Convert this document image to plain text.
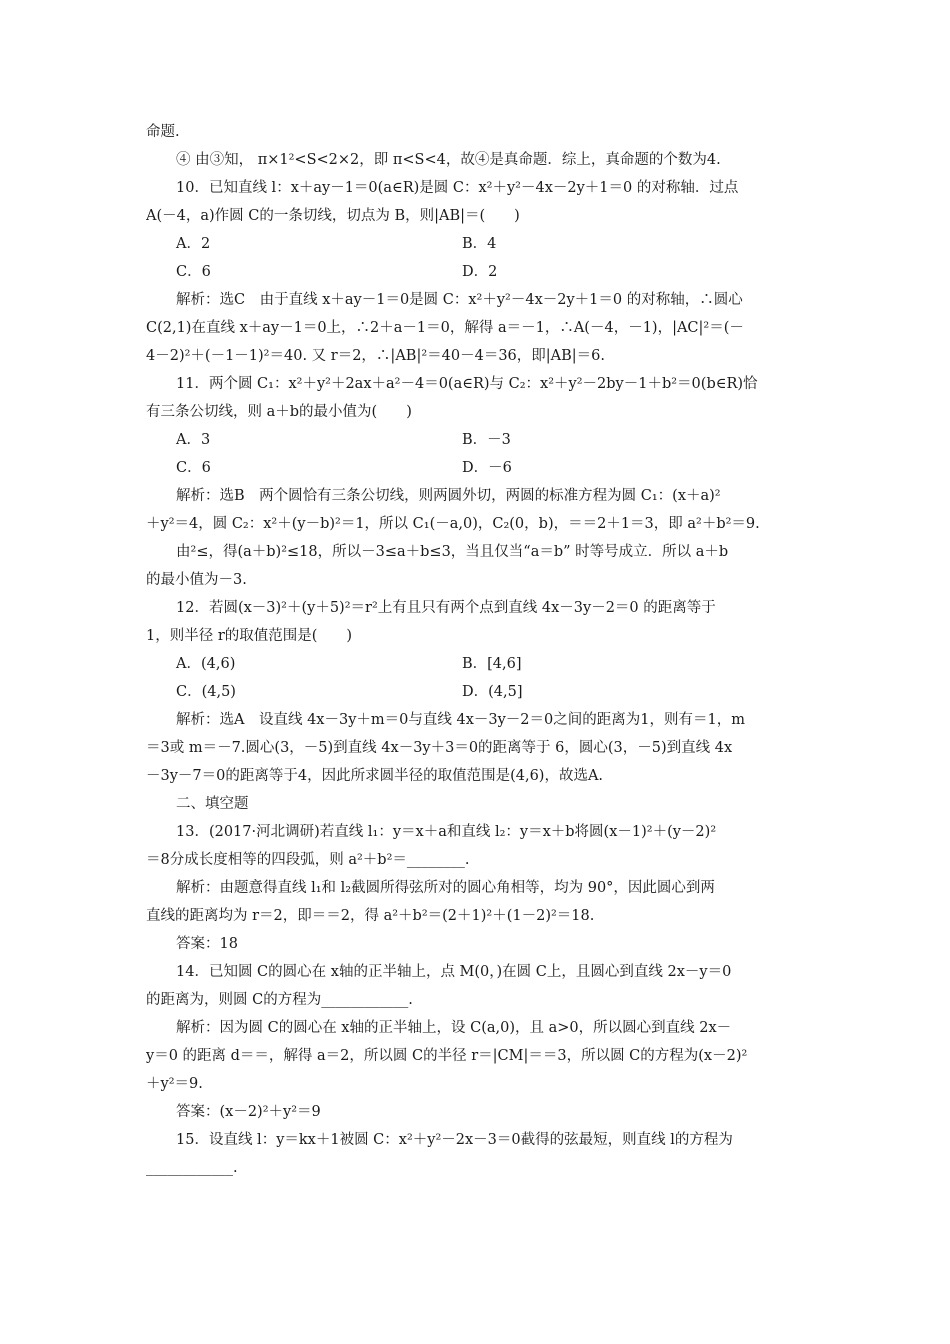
命题.
④ 由③知， π×1²<S<2×2，即 π<S<4，故④是真命题．综上，真命题的个数为4.
10．已知直线 l：x＋ay－1＝0(a∈R)是圆 C：x²＋y²－4x－2y＋1＝0 的对称轴．过点
A(－4，a)作圆 C的一条切线，切点为 B，则|AB|＝(　　)
A．2	B．4
C．6	D．2
解析：选C　由于直线 x＋ay－1＝0是圆 C：x²＋y²－4x－2y＋1＝0 的对称轴，∴圆心
C(2,1)在直线 x＋ay－1＝0上，∴2＋a－1＝0，解得 a＝－1，∴A(－4，－1)，|AC|²＝(－
4－2)²＋(－1－1)²＝40. 又 r＝2，∴|AB|²＝40－4＝36，即|AB|＝6.
11．两个圆 C₁：x²＋y²＋2ax＋a²－4＝0(a∈R)与 C₂：x²＋y²－2by－1＋b²＝0(b∈R)恰
有三条公切线，则 a＋b的最小值为(　　)
A．3	B．－3
C．6	D．－6
解析：选B　两个圆恰有三条公切线，则两圆外切，两圆的标准方程为圆 C₁：(x＋a)²
＋y²＝4，圆 C₂：x²＋(y－b)²＝1，所以 C₁(－a,0)，C₂(0，b)，＝＝2＋1＝3，即 a²＋b²＝9.
由²≤，得(a＋b)²≤18，所以－3≤a＋b≤3，当且仅当“a＝b” 时等号成立．所以 a＋b
的最小值为－3.
12．若圆(x－3)²＋(y＋5)²＝r²上有且只有两个点到直线 4x－3y－2＝0 的距离等于
1，则半径 r的取值范围是(　　)
A．(4,6)	B．[4,6]
C．(4,5)	D．(4,5]
解析：选A　设直线 4x－3y＋m＝0与直线 4x－3y－2＝0之间的距离为1，则有＝1，m
＝3或 m＝－7.圆心(3，－5)到直线 4x－3y＋3＝0的距离等于 6，圆心(3，－5)到直线 4x
－3y－7＝0的距离等于4，因此所求圆半径的取值范围是(4,6)，故选A.
二、填空题
13．(2017·河北调研)若直线 l₁：y＝x＋a和直线 l₂：y＝x＋b将圆(x－1)²＋(y－2)²
＝8分成长度相等的四段弧，则 a²＋b²＝________.
解析：由题意得直线 l₁和 l₂截圆所得弦所对的圆心角相等，均为 90°，因此圆心到两
直线的距离均为 r＝2，即＝＝2，得 a²＋b²＝(2＋1)²＋(1－2)²＝18.
答案：18
14．已知圆 C的圆心在 x轴的正半轴上，点 M(0，)在圆 C上，且圆心到直线 2x－y＝0
的距离为，则圆 C的方程为____________.
解析：因为圆 C的圆心在 x轴的正半轴上，设 C(a,0)，且 a>0，所以圆心到直线 2x－
y＝0 的距离 d＝＝，解得 a＝2，所以圆 C的半径 r＝|CM|＝＝3，所以圆 C的方程为(x－2)²
＋y²＝9.
答案：(x－2)²＋y²＝9
15．设直线 l：y＝kx＋1被圆 C：x²＋y²－2x－3＝0截得的弦最短，则直线 l的方程为
____________.
